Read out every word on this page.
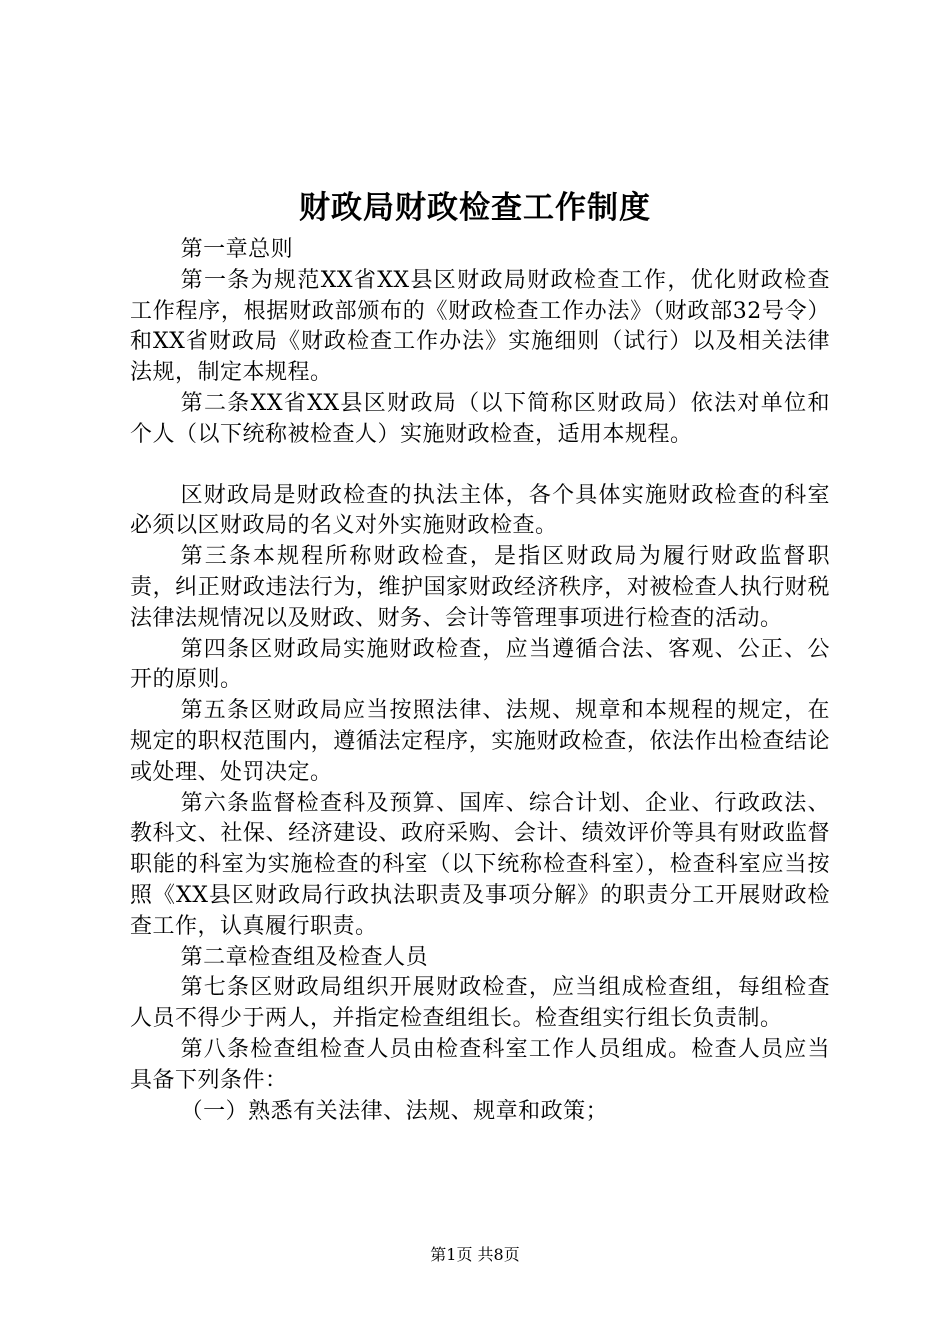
财政局财政检查工作制度

第一章总则

第一条为规范XX省XX县区财政局财政检查工作，优化财政检查工作程序，根据财政部颁布的《财政检查工作办法》（财政部32号令）和XX省财政局《财政检查工作办法》实施细则（试行）以及相关法律法规，制定本规程。

第二条XX省XX县区财政局（以下简称区财政局）依法对单位和个人（以下统称被检查人）实施财政检查，适用本规程。

区财政局是财政检查的执法主体，各个具体实施财政检查的科室必须以区财政局的名义对外实施财政检查。

第三条本规程所称财政检查，是指区财政局为履行财政监督职责，纠正财政违法行为，维护国家财政经济秩序，对被检查人执行财税法律法规情况以及财政、财务、会计等管理事项进行检查的活动。

第四条区财政局实施财政检查，应当遵循合法、客观、公正、公开的原则。

第五条区财政局应当按照法律、法规、规章和本规程的规定，在规定的职权范围内，遵循法定程序，实施财政检查，依法作出检查结论或处理、处罚决定。

第六条监督检查科及预算、国库、综合计划、企业、行政政法、教科文、社保、经济建设、政府采购、会计、绩效评价等具有财政监督职能的科室为实施检查的科室（以下统称检查科室），检查科室应当按照《XX县区财政局行政执法职责及事项分解》的职责分工开展财政检查工作，认真履行职责。

第二章检查组及检查人员

第七条区财政局组织开展财政检查，应当组成检查组，每组检查人员不得少于两人，并指定检查组组长。检查组实行组长负责制。

第八条检查组检查人员由检查科室工作人员组成。检查人员应当具备下列条件：

（一）熟悉有关法律、法规、规章和政策；

第1页 共8页
